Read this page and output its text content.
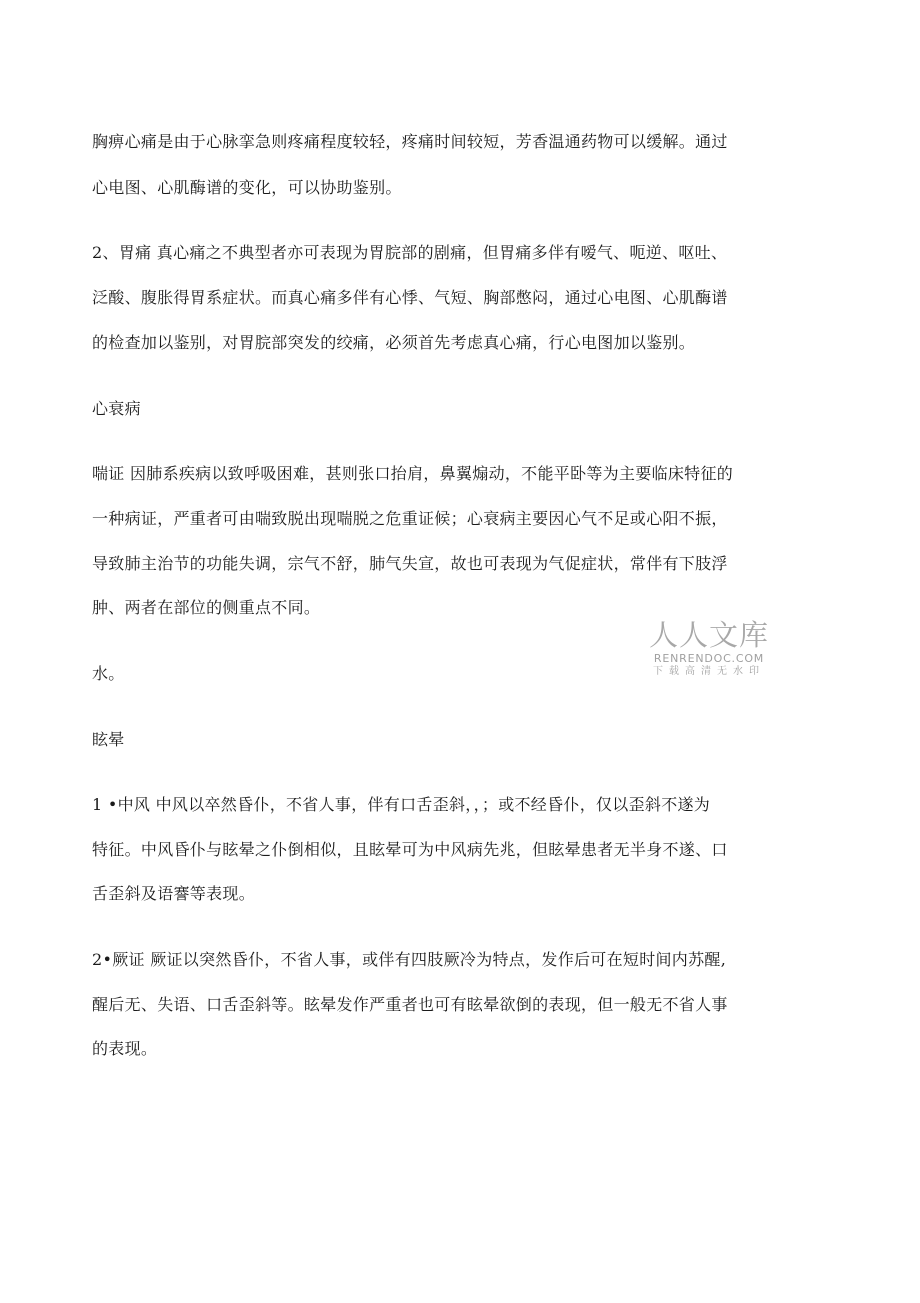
胸痹心痛是由于心脉挛急则疼痛程度较轻，疼痛时间较短，芳香温通药物可以缓解。通过
心电图、心肌酶谱的变化，可以协助鉴别。
2、胃痛 真心痛之不典型者亦可表现为胃脘部的剧痛，但胃痛多伴有嗳气、呃逆、呕吐、
泛酸、腹胀得胃系症状。而真心痛多伴有心悸、气短、胸部憋闷，通过心电图、心肌酶谱
的检查加以鉴别，对胃脘部突发的绞痛，必须首先考虑真心痛，行心电图加以鉴别。
心衰病
喘证 因肺系疾病以致呼吸困难，甚则张口抬肩，鼻翼煽动，不能平卧等为主要临床特征的
一种病证，严重者可由喘致脱出现喘脱之危重证候；心衰病主要因心气不足或心阳不振，
导致肺主治节的功能失调，宗气不舒，肺气失宣，故也可表现为气促症状，常伴有下肢浮
肿、两者在部位的侧重点不同。
水。
眩晕
1 •中风 中风以卒然昏仆，不省人事，伴有口舌歪斜，，；或不经昏仆，仅以歪斜不遂为
特征。中风昏仆与眩晕之仆倒相似，且眩晕可为中风病先兆，但眩晕患者无半身不遂、口
舌歪斜及语謇等表现。
2•厥证 厥证以突然昏仆，不省人事，或伴有四肢厥冷为特点，发作后可在短时间内苏醒,
醒后无、失语、口舌歪斜等。眩晕发作严重者也可有眩晕欲倒的表现，但一般无不省人事
的表现。
人人文库
RENRENDOC.COM
下载高清无水印
